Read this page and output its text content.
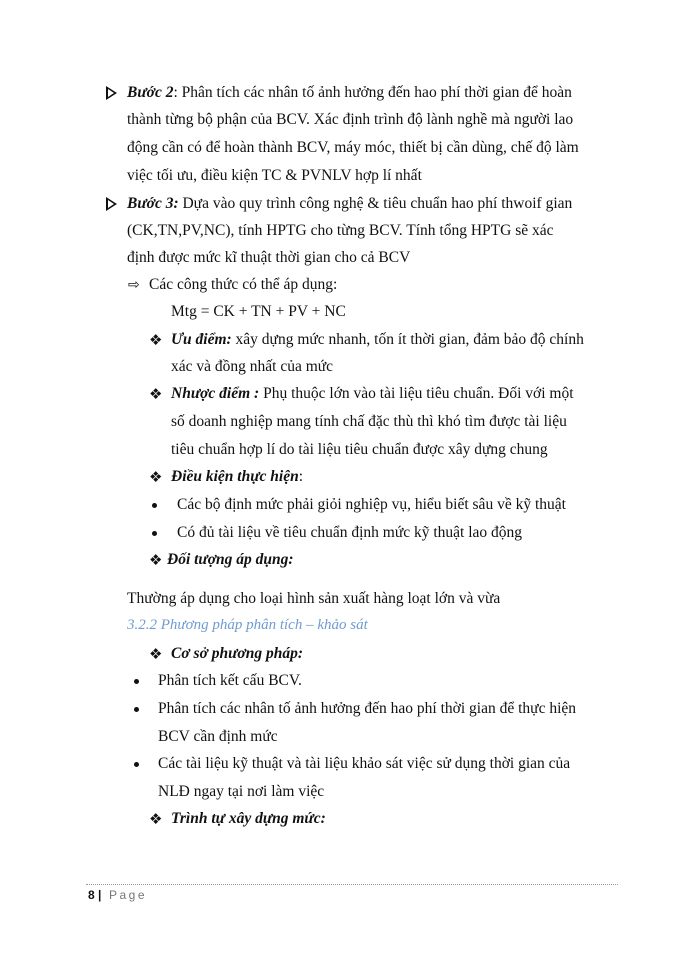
Bước 2: Phân tích các nhân tố ảnh hưởng đến hao phí thời gian để hoàn
thành từng bộ phận của BCV. Xác định trình độ lành nghề mà người lao
động cần có để hoàn thành BCV, máy móc, thiết bị cần dùng, chế độ làm
việc tối ưu, điều kiện TC & PVNLV hợp lí nhất
Bước 3: Dựa vào quy trình công nghệ & tiêu chuẩn hao phí thwoif gian
(CK,TN,PV,NC), tính HPTG cho từng BCV. Tính tổng HPTG sẽ xác
định được mức kĩ thuật thời gian cho cả BCV
⇨ Các công thức có thể áp dụng:
Mtg = CK + TN + PV + NC
❖ Ưu điểm: xây dựng mức nhanh, tốn ít thời gian, đảm bảo độ chính
xác và đồng nhất của mức
❖ Nhược điểm : Phụ thuộc lớn vào tài liệu tiêu chuẩn. Đối với một
số doanh nghiệp mang tính chấ đặc thù thì khó tìm được tài liệu
tiêu chuẩn hợp lí do tài liệu tiêu chuẩn được xây dựng chung
❖ Điều kiện thực hiện:
Các bộ định mức phải giỏi nghiệp vụ, hiểu biết sâu về kỹ thuật
Có đủ tài liệu về tiêu chuẩn định mức kỹ thuật lao động
❖ Đối tượng áp dụng:
Thường áp dụng cho loại hình sản xuất hàng loạt lớn và vừa
3.2.2 Phương pháp phân tích – khảo sát
❖ Cơ sở phương pháp:
Phân tích kết cấu BCV.
Phân tích các nhân tố ảnh hưởng đến hao phí thời gian để thực hiện
BCV cần định mức
Các tài liệu kỹ thuật và tài liệu khảo sát việc sử dụng thời gian của
NLĐ ngay tại nơi làm việc
❖ Trình tự xây dựng mức:
8 | Page
